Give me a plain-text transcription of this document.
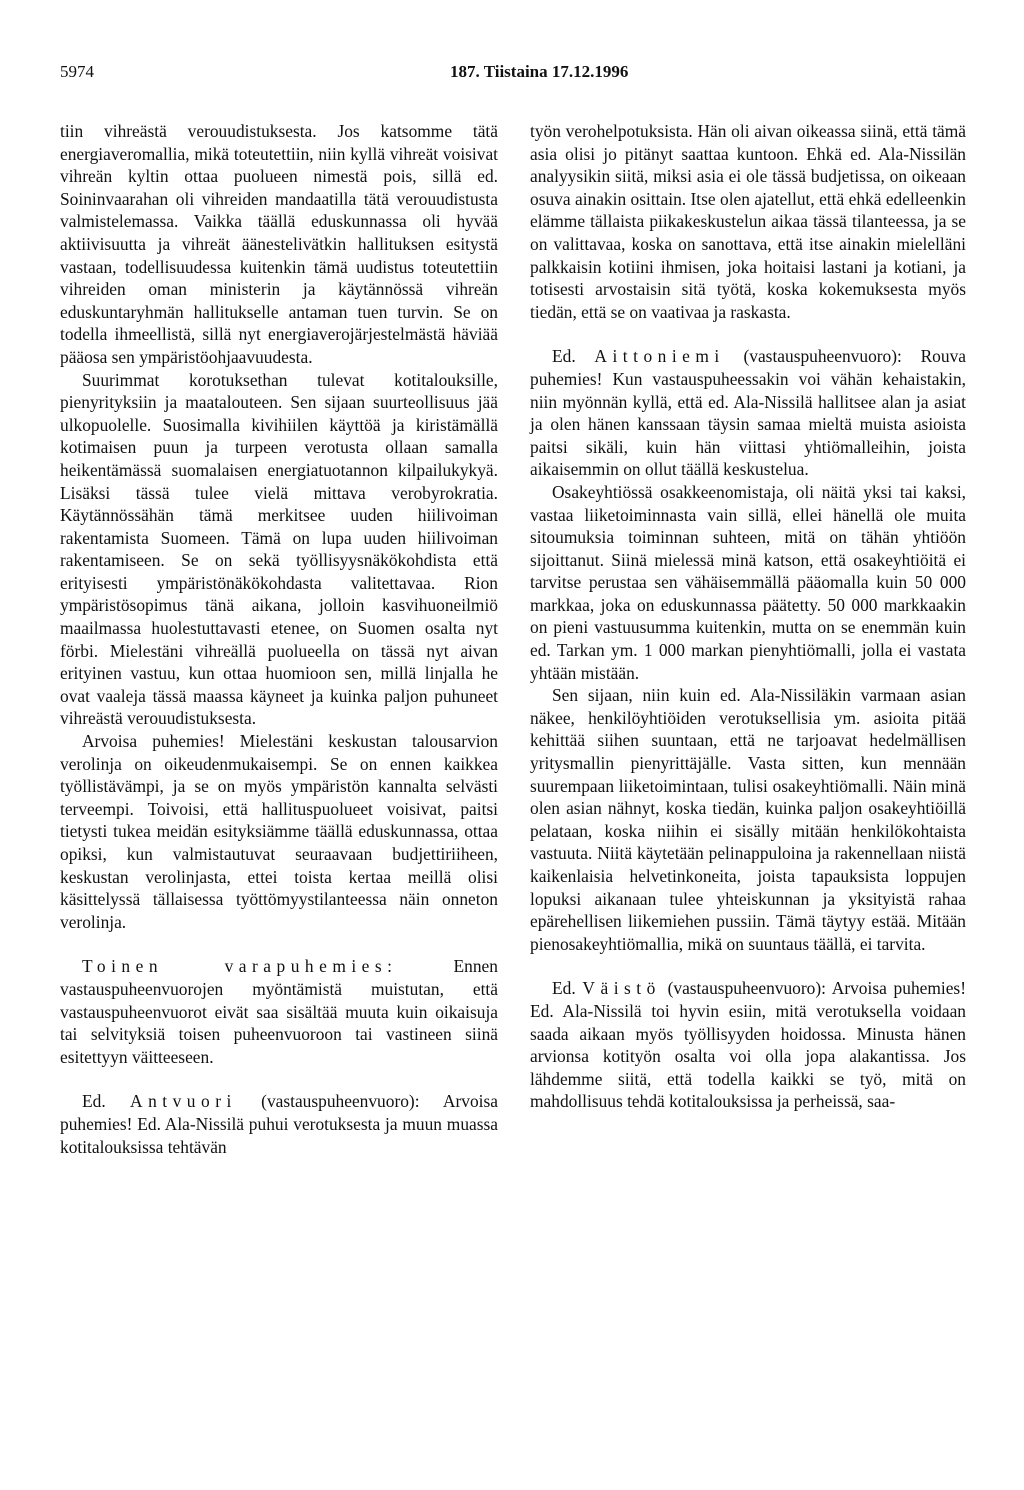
5974	187. Tiistaina 17.12.1996

tiin vihreästä verouudistuksesta. Jos katsomme tätä energiaveromallia, mikä toteutettiin, niin kyllä vihreät voisivat vihreän kyltin ottaa puolueen nimestä pois, sillä ed. Soininvaarahan oli vihreiden mandaatilla tätä verouudistusta valmistelemassa. Vaikka täällä eduskunnassa oli hyvää aktiivisuutta ja vihreät äänestelivätkin hallituksen esitystä vastaan, todellisuudessa kuitenkin tämä uudistus toteutettiin vihreiden oman ministerin ja käytännössä vihreän eduskuntaryhmän hallitukselle antaman tuen turvin. Se on todella ihmeellistä, sillä nyt energiaverojärjestelmästä häviää pääosa sen ympäristöohjaavuudesta.

Suurimmat korotuksethan tulevat kotitalouksille, pienyrityksiin ja maatalouteen. Sen sijaan suurteollisuus jää ulkopuolelle. Suosimalla kivihiilen käyttöä ja kiristämällä kotimaisen puun ja turpeen verotusta ollaan samalla heikentämässä suomalaisen energiatuotannon kilpailukykyä. Lisäksi tässä tulee vielä mittava verobyrokratia. Käytännössähän tämä merkitsee uuden hiilivoiman rakentamista Suomeen. Tämä on lupa uuden hiilivoiman rakentamiseen. Se on sekä työllisyysnäkökohdista että erityisesti ympäristönäkökohdasta valitettavaa. Rion ympäristösopimus tänä aikana, jolloin kasvihuoneilmiö maailmassa huolestuttavasti etenee, on Suomen osalta nyt förbi. Mielestäni vihreällä puolueella on tässä nyt aivan erityinen vastuu, kun ottaa huomioon sen, millä linjalla he ovat vaaleja tässä maassa käyneet ja kuinka paljon puhuneet vihreästä verouudistuksesta.

Arvoisa puhemies! Mielestäni keskustan talousarvion verolinja on oikeudenmukaisempi. Se on ennen kaikkea työllistävämpi, ja se on myös ympäristön kannalta selvästi terveempi. Toivoisi, että hallituspuolueet voisivat, paitsi tietysti tukea meidän esityksiämme täällä eduskunnassa, ottaa opiksi, kun valmistautuvat seuraavaan budjettiriiheen, keskustan verolinjasta, ettei toista kertaa meillä olisi käsittelyssä tällaisessa työttömyystilanteessa näin onneton verolinja.

Toinen varapuhemies:	Ennen vastauspuheenvuorojen myöntämistä muistutan, että vastauspuheenvuorot eivät saa sisältää muuta kuin oikaisuja tai selvityksiä toisen puheenvuoroon tai vastineen siinä esitettyyn väitteeseen.

Ed. Antvuori (vastauspuheenvuoro): Arvoisa puhemies! Ed. Ala-Nissilä puhui verotuksesta ja muun muassa kotitalouksissa tehtävän

työn verohelpotuksista. Hän oli aivan oikeassa siinä, että tämä asia olisi jo pitänyt saattaa kuntoon. Ehkä ed. Ala-Nissilän analyysikin siitä, miksi asia ei ole tässä budjetissa, on oikeaan osuva ainakin osittain. Itse olen ajatellut, että ehkä edelleenkin elämme tällaista piikakeskustelun aikaa tässä tilanteessa, ja se on valittavaa, koska on sanottava, että itse ainakin mielelläni palkkaisin kotiini ihmisen, joka hoitaisi lastani ja kotiani, ja totisesti arvostaisin sitä työtä, koska kokemuksesta myös tiedän, että se on vaativaa ja raskasta.

Ed. Aittoniemi (vastauspuheenvuoro): Rouva puhemies! Kun vastauspuheessakin voi vähän kehaistakin, niin myönnän kyllä, että ed. Ala-Nissilä hallitsee alan ja asiat ja olen hänen kanssaan täysin samaa mieltä muista asioista paitsi sikäli, kuin hän viittasi yhtiömalleihin, joista aikaisemmin on ollut täällä keskustelua.

Osakeyhtiössä osakkeenomistaja, oli näitä yksi tai kaksi, vastaa liiketoiminnasta vain sillä, ellei hänellä ole muita sitoumuksia toiminnan suhteen, mitä on tähän yhtiöön sijoittanut. Siinä mielessä minä katson, että osakeyhtiöitä ei tarvitse perustaa sen vähäisemmällä pääomalla kuin 50 000 markkaa, joka on eduskunnassa päätetty. 50 000 markkaakin on pieni vastuusumma kuitenkin, mutta on se enemmän kuin ed. Tarkan ym. 1 000 markan pienyhtiömalli, jolla ei vastata yhtään mistään.

Sen sijaan, niin kuin ed. Ala-Nissiläkin varmaan asian näkee, henkilöyhtiöiden verotuksellisia ym. asioita pitää kehittää siihen suuntaan, että ne tarjoavat hedelmällisen yritysmallin pienyrittäjälle. Vasta sitten, kun mennään suurempaan liiketoimintaan, tulisi osakeyhtiömalli. Näin minä olen asian nähnyt, koska tiedän, kuinka paljon osakeyhtiöillä pelataan, koska niihin ei sisälly mitään henkilökohtaista vastuuta. Niitä käytetään pelinappuloina ja rakennellaan niistä kaikenlaisia helvetinkoneita, joista tapauksista loppujen lopuksi aikanaan tulee yhteiskunnan ja yksityistä rahaa epärehellisen liikemiehen pussiin. Tämä täytyy estää. Mitään pienosakeyhtiömallia, mikä on suuntaus täällä, ei tarvita.

Ed. Väistö (vastauspuheenvuoro): Arvoisa puhemies! Ed. Ala-Nissilä toi hyvin esiin, mitä verotuksella voidaan saada aikaan myös työllisyyden hoidossa. Minusta hänen arvionsa kotityön osalta voi olla jopa alakantissa. Jos lähdemme siitä, että todella kaikki se työ, mitä on mahdollisuus tehdä kotitalouksissa ja perheissä, saa-
